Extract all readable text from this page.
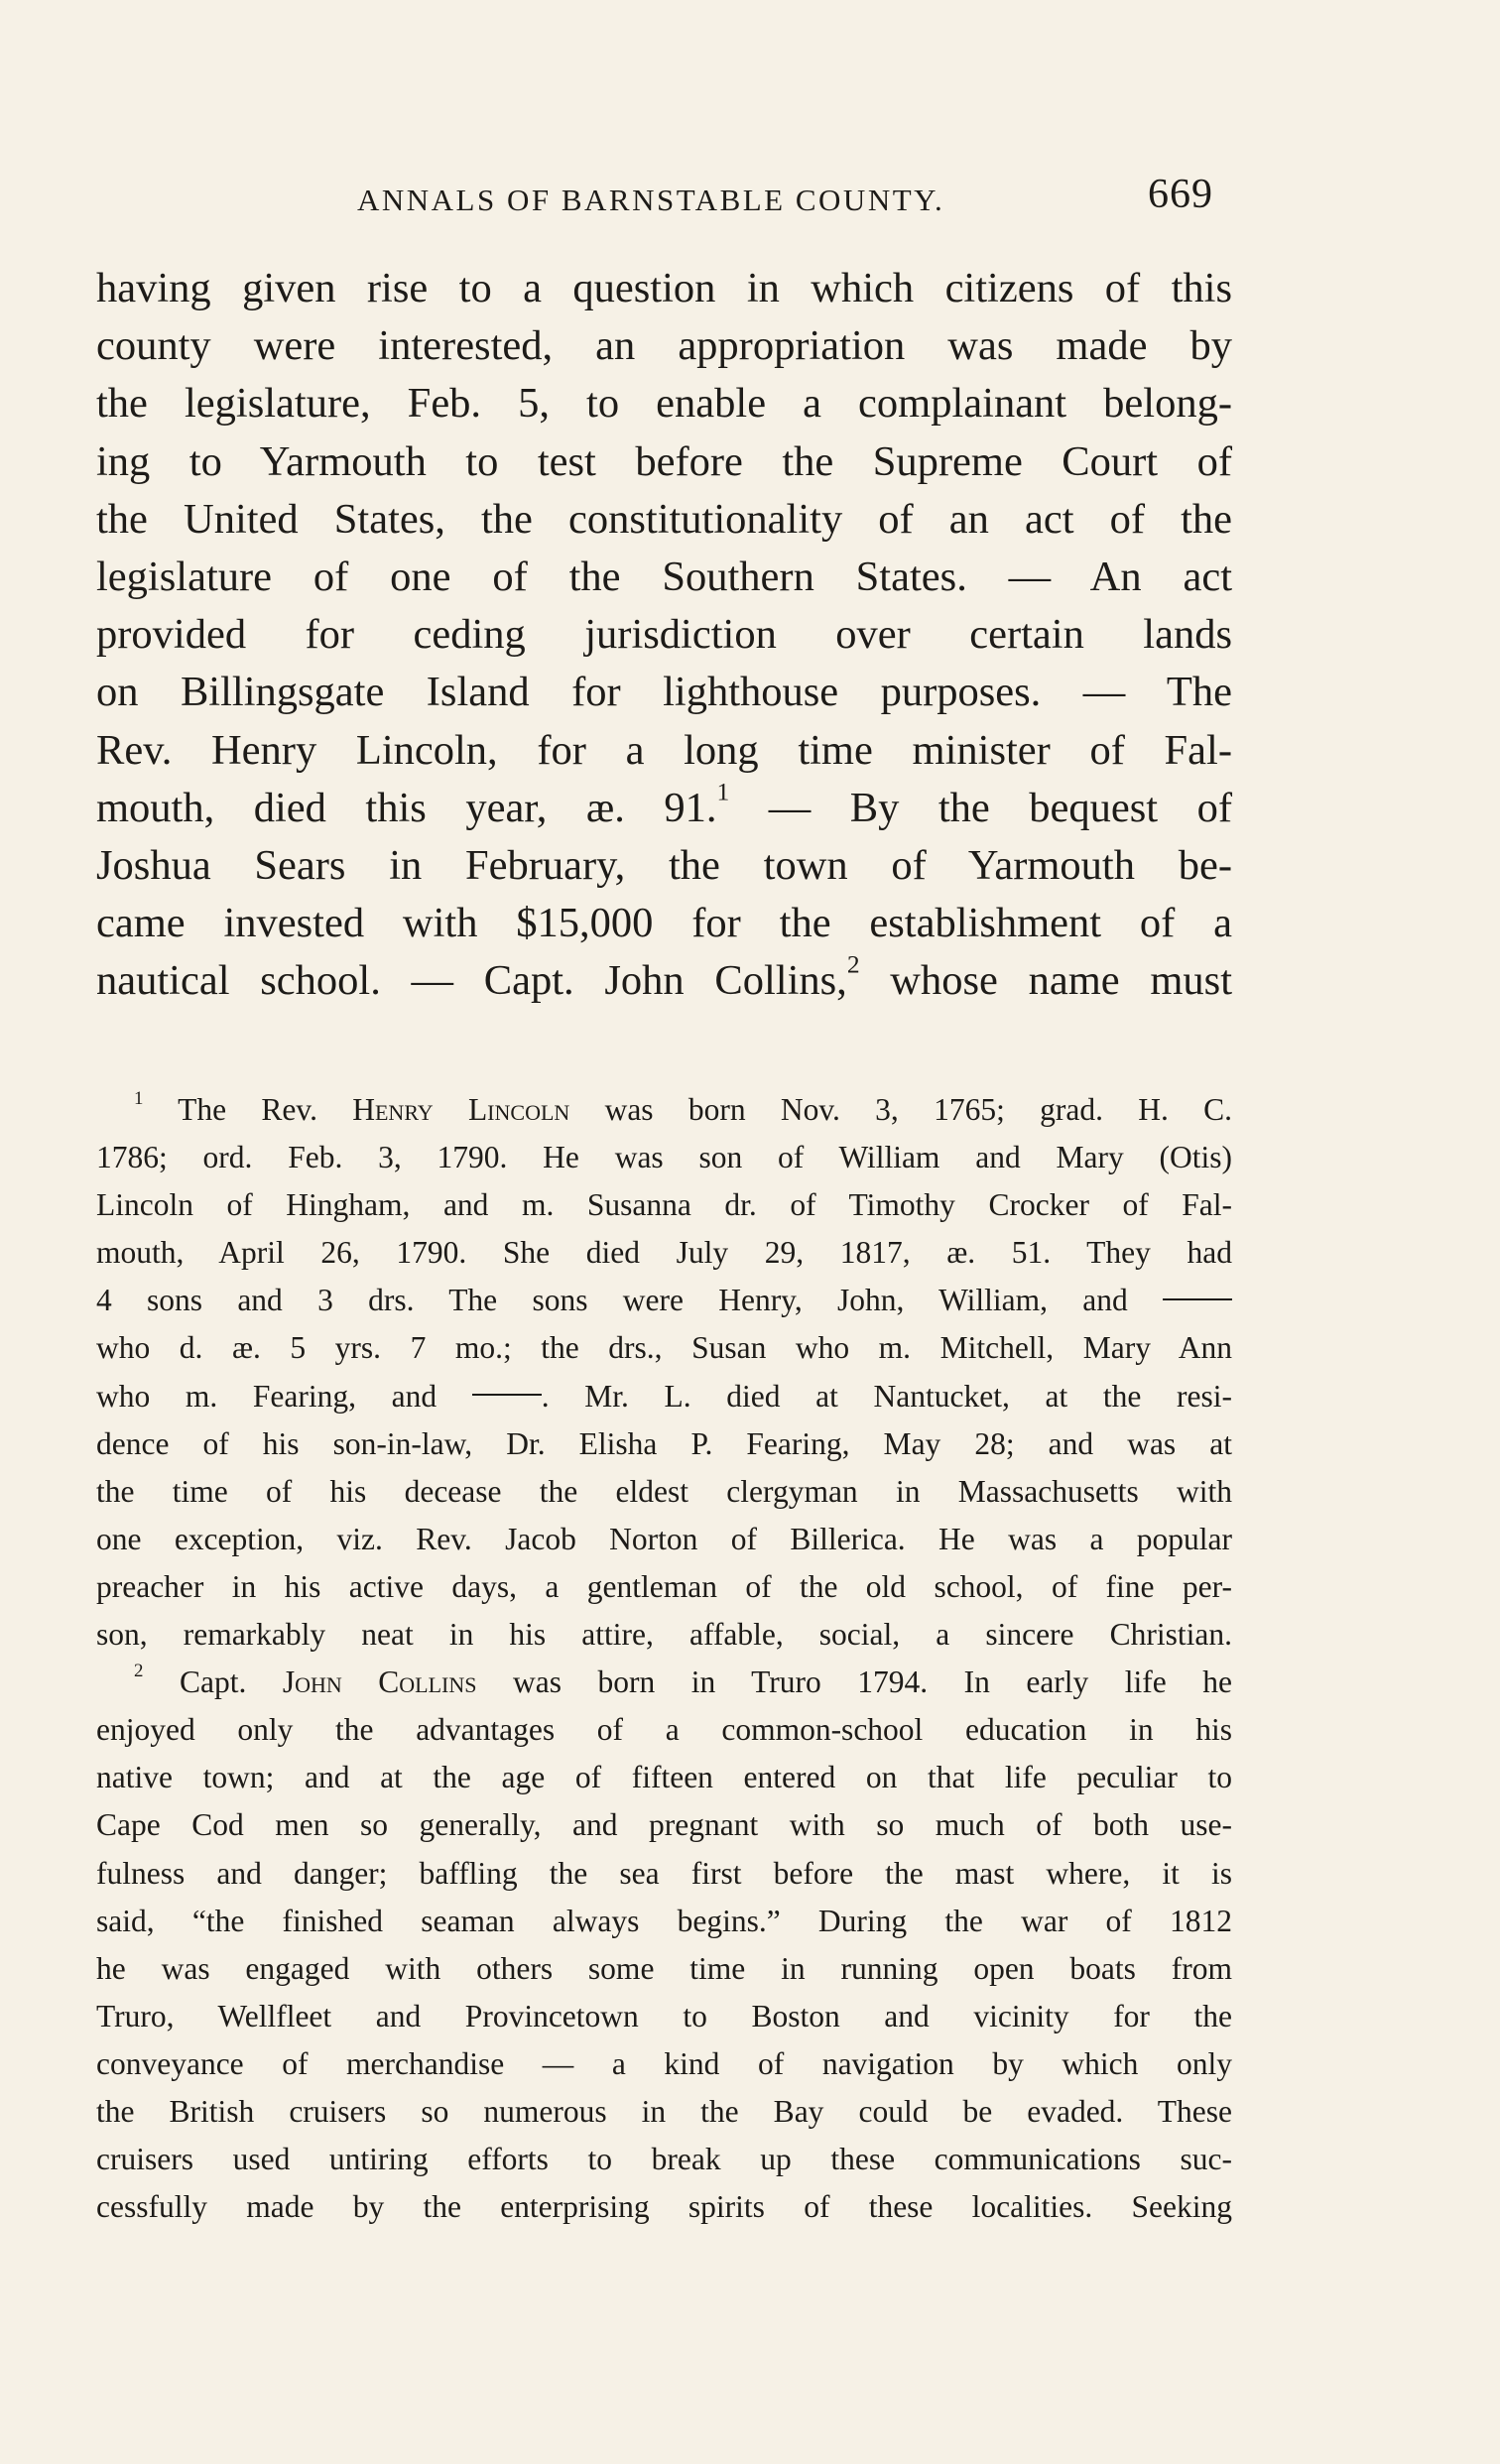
ANNALS OF BARNSTABLE COUNTY.	669
having given rise to a question in which citizens of this
county were interested, an appropriation was made by
the legislature, Feb. 5, to enable a complainant belong-
ing to Yarmouth to test before the Supreme Court of
the United States, the constitutionality of an act of the
legislature of one of the Southern States. — An act
provided for ceding jurisdiction over certain lands
on Billingsgate Island for lighthouse purposes. — The
Rev. Henry Lincoln, for a long time minister of Fal-
mouth, died this year, æ. 91.$^1$ — By the bequest of
Joshua Sears in February, the town of Yarmouth be-
came invested with $15,000 for the establishment of a
nautical school. — Capt. John Collins,$^2$ whose name must
$^1$ The Rev. Henry Lincoln was born Nov. 3, 1765; grad. H. C.
1786; ord. Feb. 3, 1790. He was son of William and Mary (Otis)
Lincoln of Hingham, and m. Susanna dr. of Timothy Crocker of Fal-
mouth, April 26, 1790. She died July 29, 1817, æ. 51. They had
4 sons and 3 drs. The sons were Henry, John, William, and
who d. æ. 5 yrs. 7 mo.; the drs., Susan who m. Mitchell, Mary Ann
who m. Fearing, and	. Mr. L. died at Nantucket, at the resi-
dence of his son-in-law, Dr. Elisha P. Fearing, May 28; and was at
the time of his decease the eldest clergyman in Massachusetts with
one exception, viz. Rev. Jacob Norton of Billerica. He was a popular
preacher in his active days, a gentleman of the old school, of fine per-
son, remarkably neat in his attire, affable, social, a sincere Christian.
$^2$ Capt. John Collins was born in Truro 1794. In early life he
enjoyed only the advantages of a common-school education in his
native town; and at the age of fifteen entered on that life peculiar to
Cape Cod men so generally, and pregnant with so much of both use-
fulness and danger; baffling the sea first before the mast where, it is
said, “the finished seaman always begins.” During the war of 1812
he was engaged with others some time in running open boats from
Truro, Wellfleet and Provincetown to Boston and vicinity for the
conveyance of merchandise — a kind of navigation by which only
the British cruisers so numerous in the Bay could be evaded. These
cruisers used untiring efforts to break up these communications suc-
cessfully made by the enterprising spirits of these localities. Seeking
